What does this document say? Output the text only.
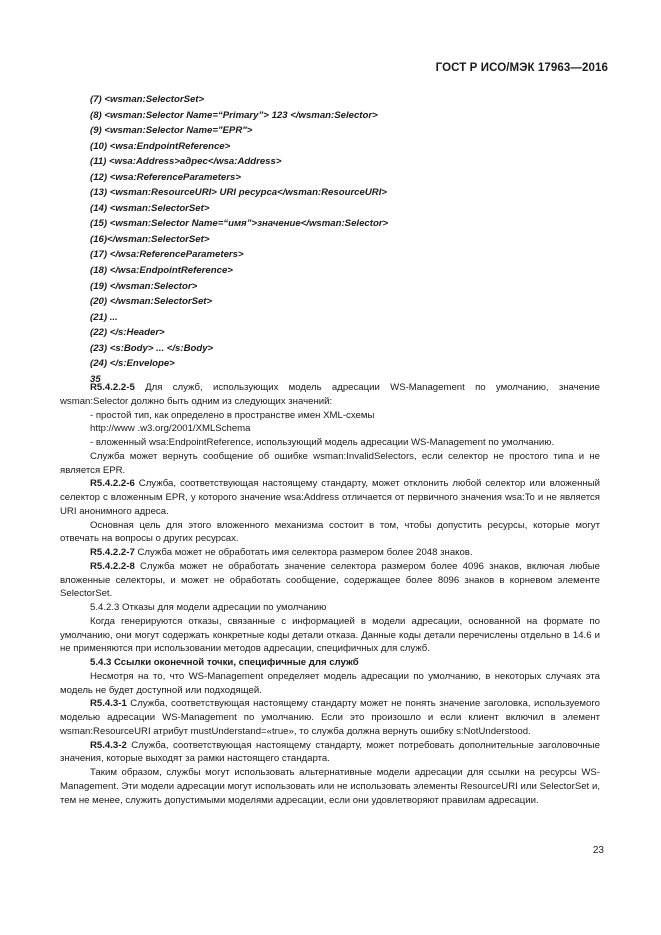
ГОСТ Р ИСО/МЭК 17963—2016
(7) <wsman:SelectorSet>
(8) <wsman:Selector Name=“Primary”> 123 </wsman:Selector>
(9) <wsman:Selector Name="EPR">
(10) <wsa:EndpointReference>
(11) <wsa:Address>адрес</wsa:Address>
(12) <wsa:ReferenceParameters>
(13) <wsman:ResourceURI> URI ресурса</wsman:ResourceURI>
(14) <wsman:SelectorSet>
(15) <wsman:Selector Name=“имя”>значение</wsman:Selector>
(16)</wsman:SelectorSet>
(17) </wsa:ReferenceParameters>
(18) </wsa:EndpointReference>
(19) </wsman:Selector>
(20) </wsman:SelectorSet>
(21) ...
(22) </s:Header>
(23) <s:Body> ... </s:Body>
(24) </s:Envelope>
35

R5.4.2.2-5 Для служб, использующих модель адресации WS-Management по умолчанию, значение wsman:Selector должно быть одним из следующих значений:

- простой тип, как определено в пространстве имен XML-схемы

http://www .w3.org/2001/XMLSchema

- вложенный wsa:EndpointReference, использующий модель адресации WS-Management по умолчанию.

Служба может вернуть сообщение об ошибке wsman:InvalidSelectors, если селектор не простого типа и не является EPR.

R5.4.2.2-6 Служба, соответствующая настоящему стандарту, может отклонить любой селектор или вложенный селектор с вложенным EPR, у которого значение wsa:Address отличается от первичного значения wsa:To и не является URI анонимного адреса.

Основная цель для этого вложенного механизма состоит в том, чтобы допустить ресурсы, которые могут отвечать на вопросы о других ресурсах.

R5.4.2.2-7 Служба может не обработать имя селектора размером более 2048 знаков.

R5.4.2.2-8 Служба может не обработать значение селектора размером более 4096 знаков, включая любые вложенные селекторы, и может не обработать сообщение, содержащее более 8096 знаков в корневом элементе SelectorSet.

5.4.2.3 Отказы для модели адресации по умолчанию

Когда генерируются отказы, связанные с информацией в модели адресации, основанной на формате по умолчанию, они могут содержать конкретные коды детали отказа. Данные коды детали перечислены отдельно в 14.6 и не применяются при использовании методов адресации, специфичных для служб.

5.4.3 Ссылки оконечной точки, специфичные для служб

Несмотря на то, что WS-Management определяет модель адресации по умолчанию, в некоторых случаях эта модель не будет доступной или подходящей.

R5.4.3-1 Служба, соответствующая настоящему стандарту может не понять значение заголовка, используемого моделью адресации WS-Management по умолчанию. Если это произошло и если клиент включил в элемент wsman:ResourceURI атрибут mustUnderstand=«true», то служба должна вернуть ошибку s:NotUnderstood.

R5.4.3-2 Служба, соответствующая настоящему стандарту, может потребовать дополнительные заголовочные значения, которые выходят за рамки настоящего стандарта.

Таким образом, службы могут использовать альтернативные модели адресации для ссылки на ресурсы WS-Management. Эти модели адресации могут использовать или не использовать элементы ResourceURI или SelectorSet и, тем не менее, служить допустимыми моделями адресации, если они удовлетворяют правилам адресации.

23
